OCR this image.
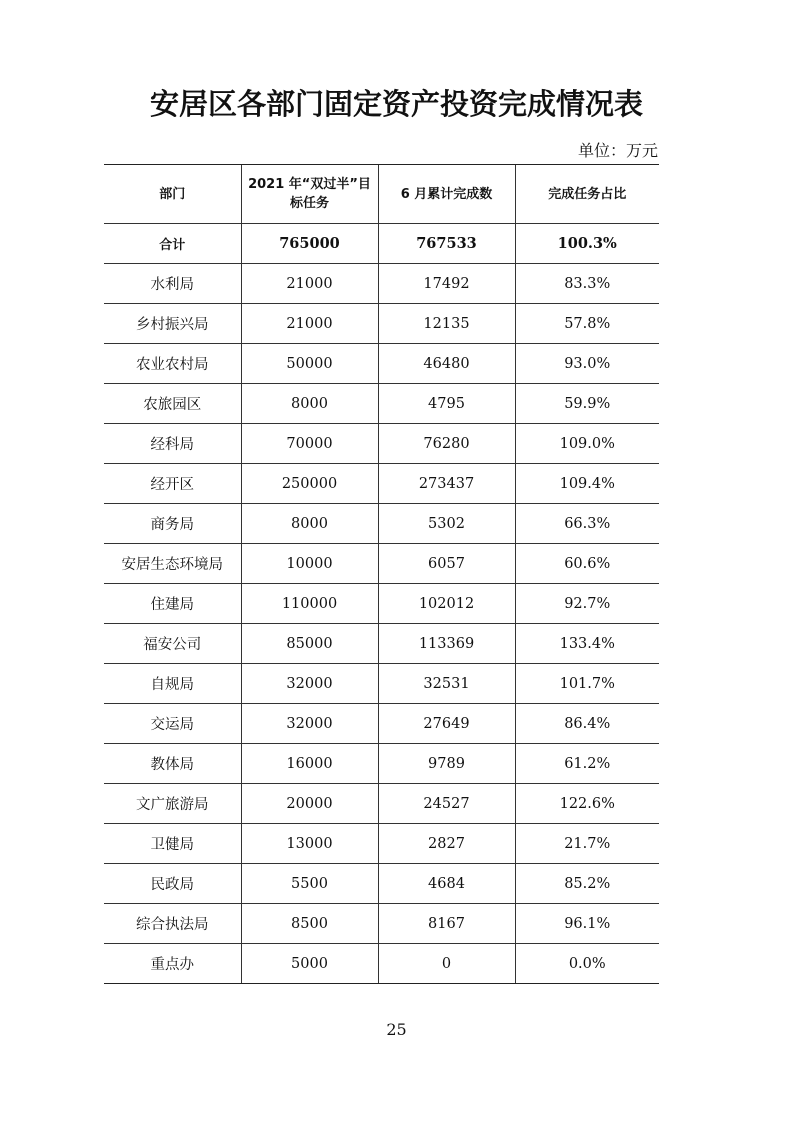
安居区各部门固定资产投资完成情况表
单位：万元
部门	2021 年“双过半”目标任务	6 月累计完成数	完成任务占比
合计	765000	767533	100.3%
水利局	21000	17492	83.3%
乡村振兴局	21000	12135	57.8%
农业农村局	50000	46480	93.0%
农旅园区	8000	4795	59.9%
经科局	70000	76280	109.0%
经开区	250000	273437	109.4%
商务局	8000	5302	66.3%
安居生态环境局	10000	6057	60.6%
住建局	110000	102012	92.7%
福安公司	85000	113369	133.4%
自规局	32000	32531	101.7%
交运局	32000	27649	86.4%
教体局	16000	9789	61.2%
文广旅游局	20000	24527	122.6%
卫健局	13000	2827	21.7%
民政局	5500	4684	85.2%
综合执法局	8500	8167	96.1%
重点办	5000	0	0.0%
25
